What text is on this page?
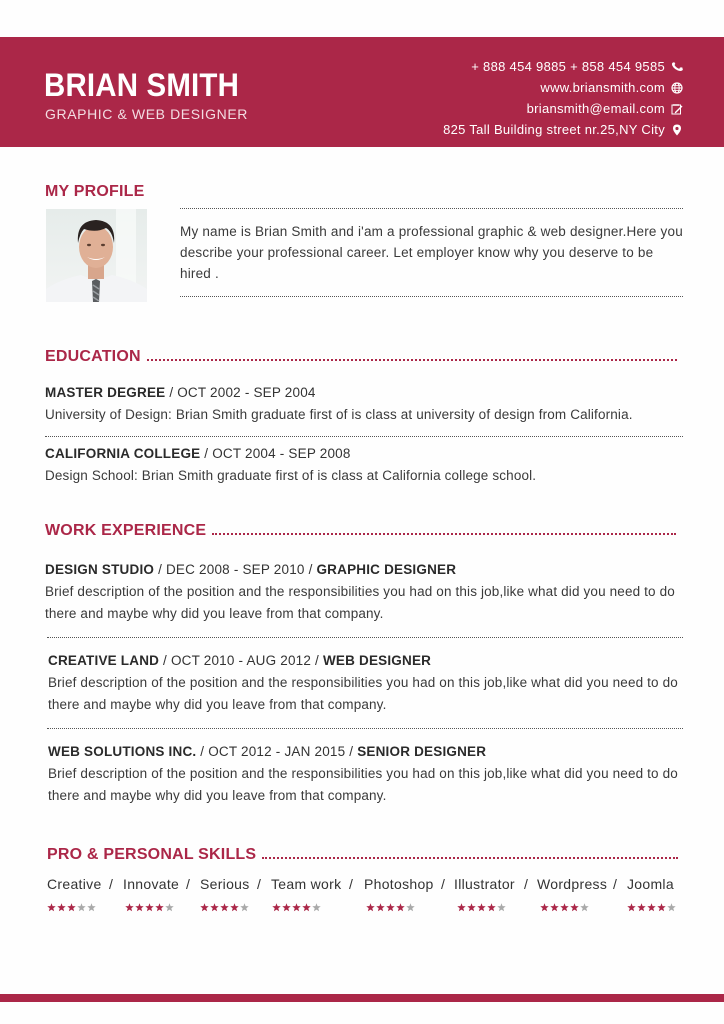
BRIAN SMITH
GRAPHIC & WEB DESIGNER
+ 888 454 9885 + 858 454 9585
www.briansmith.com
briansmith@email.com
825 Tall Building street nr.25,NY City
MY PROFILE
My name is Brian Smith and i'am a professional graphic & web designer.Here you describe your professional career. Let employer know why you deserve to be hired .
EDUCATION
MASTER DEGREE / OCT 2002 - SEP 2004
University of Design: Brian Smith graduate first of is class at university of design from California.
CALIFORNIA COLLEGE / OCT 2004 - SEP 2008
Design School: Brian Smith graduate first of is class at California college school.
WORK EXPERIENCE
DESIGN STUDIO / DEC 2008 - SEP 2010 / GRAPHIC DESIGNER
Brief description of the position and the responsibilities you had on this job,like what did you need to do there and maybe why did you leave from that company.
CREATIVE LAND / OCT 2010 - AUG 2012 / WEB DESIGNER
Brief description of the position and the responsibilities you had on this job,like what did you need to do there and maybe why did you leave from that company.
WEB SOLUTIONS INC. / OCT 2012 - JAN 2015 / SENIOR DESIGNER
Brief description of the position and the responsibilities you had on this job,like what did you need to do there and maybe why did you leave from that company.
PRO & PERSONAL SKILLS
Creative / Innovate / Serious / Team work / Photoshop / Illustrator / Wordpress / Joomla
